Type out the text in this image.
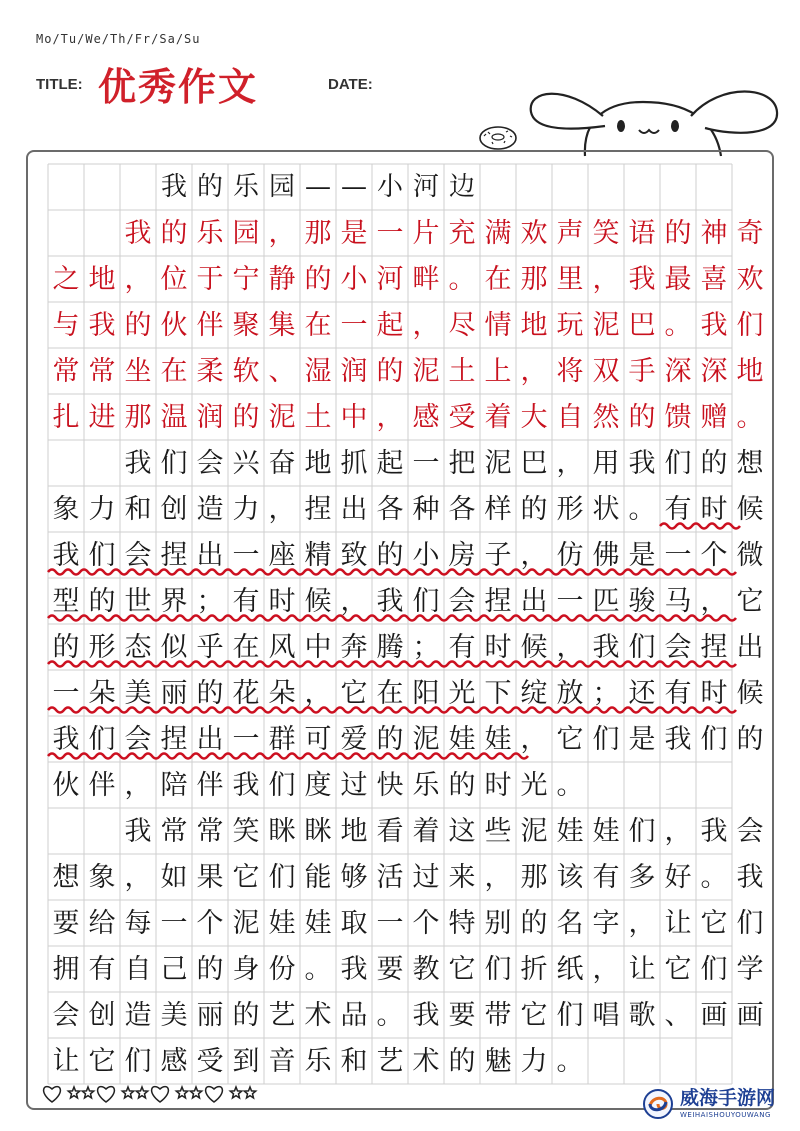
Mo/Tu/We/Th/Fr/Sa/Su
TITLE: 优秀作文	DATE:

我 的 乐 园 — — 小 河 边

我 的 乐 园 ， 那 是 一 片 充 满 欢 声 笑 语 的 神 奇
之 地 ， 位 于 宁 静 的 小 河 畔 。 在 那 里 ， 我 最 喜 欢
与 我 的 伙 伴 聚 集 在 一 起 ， 尽 情 地 玩 泥 巴 。 我 们
常 常 坐 在 柔 软 、 湿 润 的 泥 土 上 ， 将 双 手 深 深 地
扎 进 那 温 润 的 泥 土 中 ， 感 受 着 大 自 然 的 馈 赠 。

我 们 会 兴 奋 地 抓 起 一 把 泥 巴 ， 用 我 们 的 想
象 力 和 创 造 力 ， 捏 出 各 种 各 样 的 形 状 。 有 时 候
我 们 会 捏 出 一 座 精 致 的 小 房 子 ， 仿 佛 是 一 个 微
型 的 世 界 ； 有 时 候 ， 我 们 会 捏 出 一 匹 骏 马 ， 它
的 形 态 似 乎 在 风 中 奔 腾 ； 有 时 候 ， 我 们 会 捏 出
一 朵 美 丽 的 花 朵 ， 它 在 阳 光 下 绽 放 ； 还 有 时 候
我 们 会 捏 出 一 群 可 爱 的 泥 娃 娃 ， 它 们 是 我 们 的
伙 伴 ， 陪 伴 我 们 度 过 快 乐 的 时 光 。

我 常 常 笑 眯 眯 地 看 着 这 些 泥 娃 娃 们 ， 我 会
想 象 ， 如 果 它 们 能 够 活 过 来 ， 那 该 有 多 好 。 我
要 给 每 一 个 泥 娃 娃 取 一 个 特 别 的 名 字 ， 让 它 们
拥 有 自 己 的 身 份 。 我 要 教 它 们 折 纸 ， 让 它 们 学
会 创 造 美 丽 的 艺 术 品 。 我 要 带 它 们 唱 歌 、 画 画
让 它 们 感 受 到 音 乐 和 艺 术 的 魅 力 。
威海手游网
WEIHAISHOUYOUWANG
